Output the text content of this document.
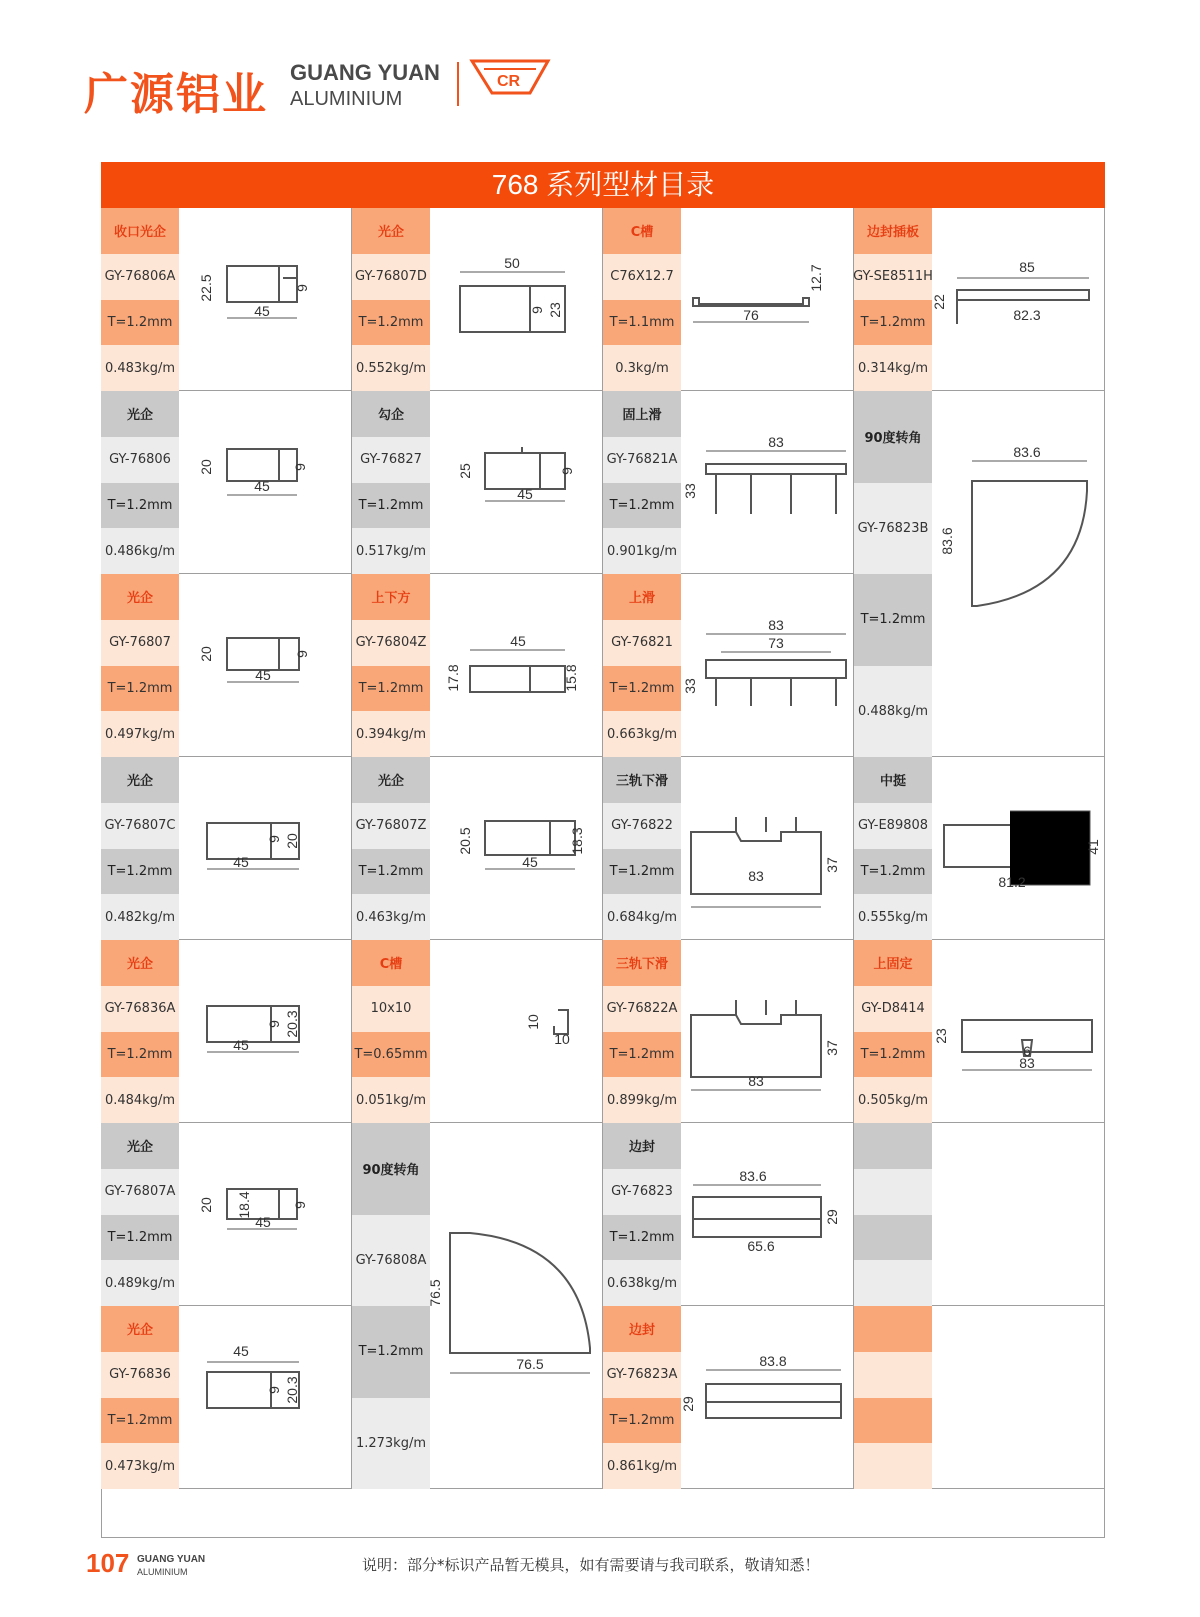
广源铝业 GUANG YUAN
ALUMINIUM
CR
768 系列型材目录
收口光企
GY-76806A
T=1.2mm
0.483kg/m
45
22.5	9
光企
GY-76807D
T=1.2mm
0.552kg/m
50
9 23
C槽
C76X12.7
T=1.1mm
0.3kg/m
76
12.7
边封插板
GY-SE8511H
T=1.2mm
0.314kg/m
85
82.3
22
光企
GY-76806
T=1.2mm
0.486kg/m
45
20	9
勾企
GY-76827
T=1.2mm
0.517kg/m
45
25	9
固上滑
GY-76821A
T=1.2mm
0.901kg/m
83
33
90度转角
GY-76823B
T=1.2mm
0.488kg/m
83.6
83.6
光企
GY-76807
T=1.2mm
0.497kg/m
45
20	9
上下方
GY-76804Z
T=1.2mm
0.394kg/m
45
17.8	15.8
上滑
GY-76821
T=1.2mm
0.663kg/m
83
73
33
光企
GY-76807C
T=1.2mm
0.482kg/m
45
9 20
光企
GY-76807Z
T=1.2mm
0.463kg/m
45
20.5	18.3
三轨下滑
GY-76822
T=1.2mm
0.684kg/m
83
37
中挺
GY-E89808
T=1.2mm
0.555kg/m
81.2
41
光企
GY-76836A
T=1.2mm
0.484kg/m
45
9 20.3
C槽
10x10
T=0.65mm
0.051kg/m
10
10
三轨下滑
GY-76822A
T=1.2mm
0.899kg/m
83
37
上固定
GY-D8414
T=1.2mm
0.505kg/m
83
23
6
光企
GY-76807A
T=1.2mm
0.489kg/m
45
20 18.4	9
90度转角
GY-76808A
T=1.2mm
1.273kg/m
76.5
76.5
边封
GY-76823
T=1.2mm
0.638kg/m
83.6
65.6
29
光企
GY-76836
T=1.2mm
0.473kg/m
45
9 20.3
边封
GY-76823A
T=1.2mm
0.861kg/m
83.8
29
107 GUANG YUAN
ALUMINIUM	说明：部分*标识产品暂无模具，如有需要请与我司联系，敬请知悉！
